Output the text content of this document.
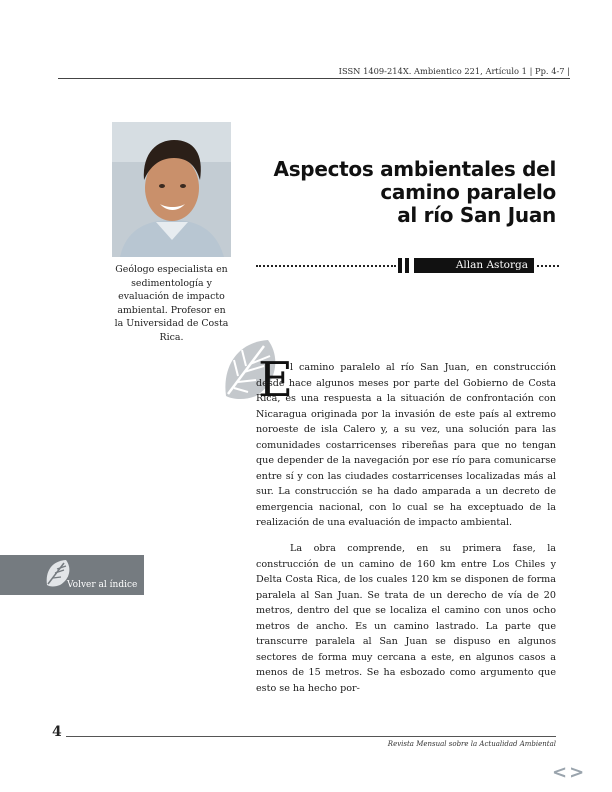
ISSN 1409-214X. Ambientico 221, Artículo 1 | Pp. 4-7 |
Geólogo especialista en sedimentología y evaluación de impacto ambiental. Profesor en la Universidad de Costa Rica.
Aspectos ambientales del
camino paralelo
al río San Juan
Allan Astorga
E

l camino paralelo al río San Juan, en construcción desde hace algunos meses por parte del Gobierno de Costa Rica, es una respuesta a la situación de confrontación con Nicaragua originada por la invasión de este país al extremo noroeste de isla Calero y, a su vez, una solución para las comunidades costarricenses ribereñas para que no tengan que depender de la navegación por ese río para comunicarse entre sí y con las ciudades costarricenses localizadas más al sur. La construcción se ha dado amparada a un decreto de emergencia nacional, con lo cual se ha exceptuado de la realización de una evaluación de impacto ambiental.

La obra comprende, en su primera fase, la construcción de un camino de 160 km entre Los Chiles y Delta Costa Rica, de los cuales 120 km se disponen de forma paralela al San Juan. Se trata de un derecho de vía de 20 metros, dentro del que se localiza el camino con unos ocho metros de ancho. Es un camino lastrado. La parte que transcurre paralela al San Juan se dispuso en algunos sectores de forma muy cercana a este, en algunos casos a menos de 15 metros. Se ha esbozado como argumento que esto se ha hecho por-

Volver al índice
4
Revista Mensual sobre la Actualidad Ambiental
<>
